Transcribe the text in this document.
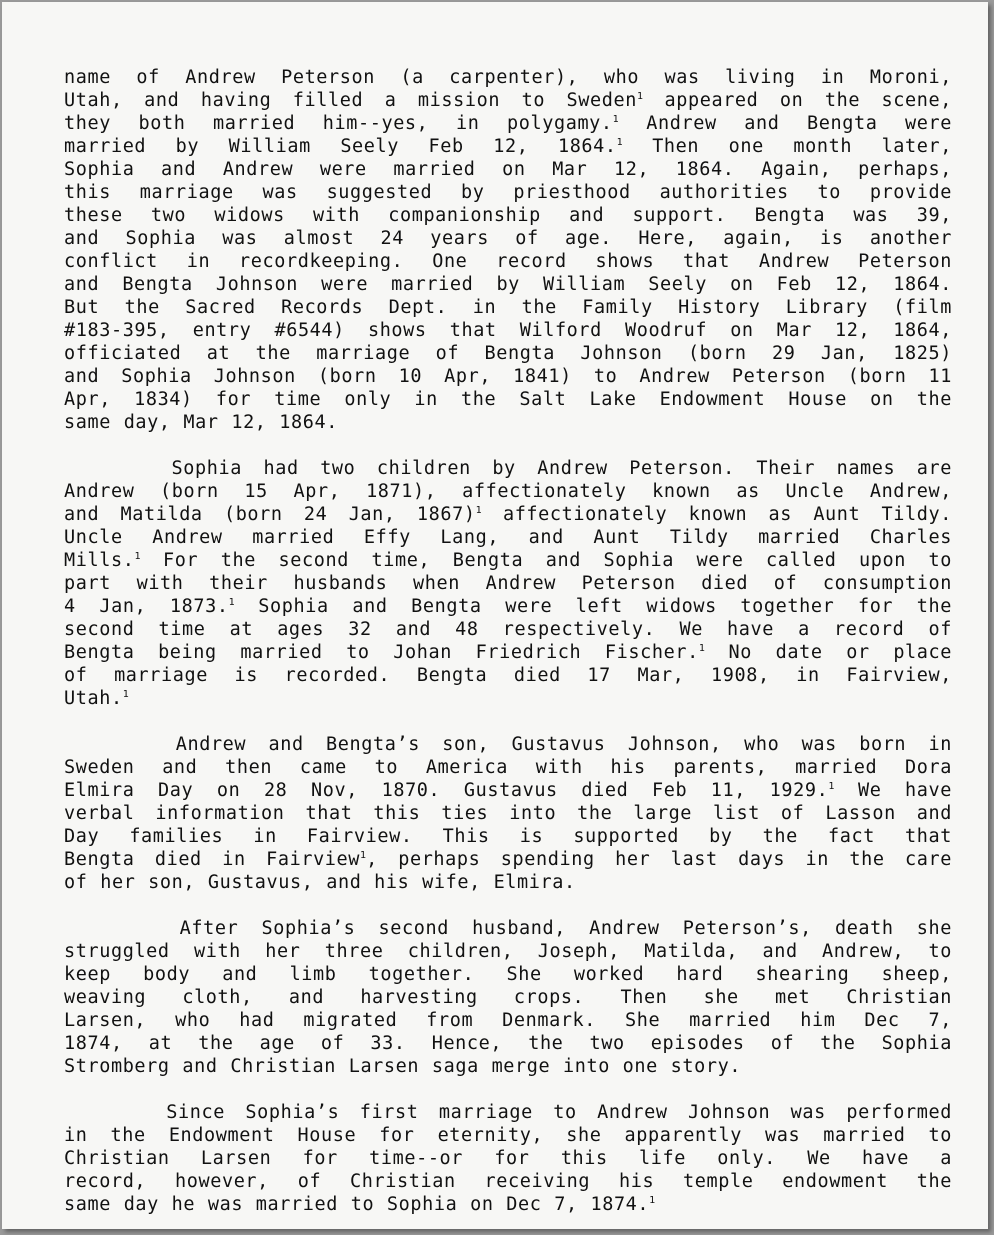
name of Andrew Peterson (a carpenter), who was living in Moroni,
Utah, and having filled a mission to Sweden$^1$ appeared on the scene,
they both married him--yes, in polygamy.$^1$ Andrew and Bengta were
married by William Seely Feb 12, 1864.$^1$ Then one month later,
Sophia and Andrew were married on Mar 12, 1864. Again, perhaps,
this marriage was suggested by priesthood authorities to provide
these two widows with companionship and support. Bengta was 39,
and Sophia was almost 24 years of age. Here, again, is another
conflict in recordkeeping. One record shows that Andrew Peterson
and Bengta Johnson were married by William Seely on Feb 12, 1864.
But the Sacred Records Dept. in the Family History Library (film
#183-395, entry #6544) shows that Wilford Woodruf on Mar 12, 1864,
officiated at the marriage of Bengta Johnson (born 29 Jan, 1825)
and Sophia Johnson (born 10 Apr, 1841) to Andrew Peterson (born 11
Apr, 1834) for time only in the Salt Lake Endowment House on the
same day, Mar 12, 1864.
Sophia had two children by Andrew Peterson. Their names are
Andrew (born 15 Apr, 1871), affectionately known as Uncle Andrew,
and Matilda (born 24 Jan, 1867)$^1$ affectionately known as Aunt Tildy.
Uncle Andrew married Effy Lang, and Aunt Tildy married Charles
Mills.$^1$ For the second time, Bengta and Sophia were called upon to
part with their husbands when Andrew Peterson died of consumption
4 Jan, 1873.$^1$ Sophia and Bengta were left widows together for the
second time at ages 32 and 48 respectively. We have a record of
Bengta being married to Johan Friedrich Fischer.$^1$ No date or place
of marriage is recorded. Bengta died 17 Mar, 1908, in Fairview,
Utah.$^1$
Andrew and Bengta’s son, Gustavus Johnson, who was born in
Sweden and then came to America with his parents, married Dora
Elmira Day on 28 Nov, 1870. Gustavus died Feb 11, 1929.$^1$ We have
verbal information that this ties into the large list of Lasson and
Day families in Fairview. This is supported by the fact that
Bengta died in Fairview$^1$, perhaps spending her last days in the care
of her son, Gustavus, and his wife, Elmira.
After Sophia’s second husband, Andrew Peterson’s, death she
struggled with her three children, Joseph, Matilda, and Andrew, to
keep body and limb together. She worked hard shearing sheep,
weaving cloth, and harvesting crops. Then she met Christian
Larsen, who had migrated from Denmark. She married him Dec 7,
1874, at the age of 33. Hence, the two episodes of the Sophia
Stromberg and Christian Larsen saga merge into one story.
Since Sophia’s first marriage to Andrew Johnson was performed
in the Endowment House for eternity, she apparently was married to
Christian Larsen for time--or for this life only. We have a
record, however, of Christian receiving his temple endowment the
same day he was married to Sophia on Dec 7, 1874.$^1$
